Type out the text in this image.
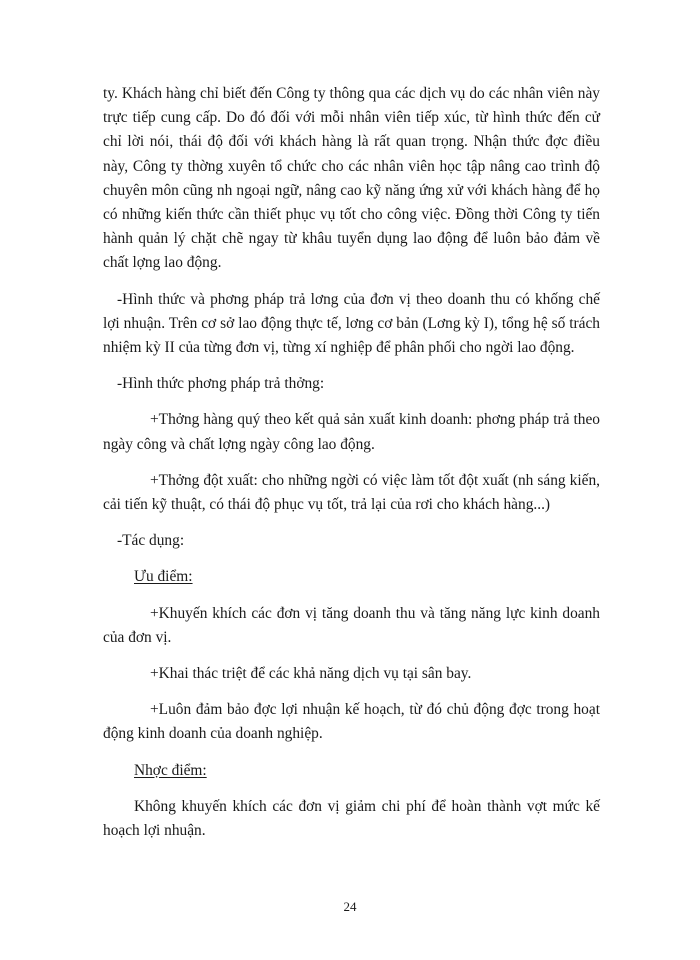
ty. Khách hàng chỉ biết đến Công ty thông qua các dịch vụ do các nhân viên này trực tiếp cung cấp. Do đó đối với mỗi nhân viên tiếp xúc, từ hình thức đến cử chỉ lời nói, thái độ đối với khách hàng là rất quan trọng. Nhận thức đợc điều này, Công ty thờng xuyên tổ chức cho các nhân viên học tập nâng cao trình độ chuyên môn cũng nh ngoại ngữ, nâng cao kỹ năng ứng xử với khách hàng để họ có những kiến thức cần thiết phục vụ tốt cho công việc. Đồng thời Công ty tiến hành quản lý chặt chẽ ngay từ khâu tuyển dụng lao động để luôn bảo đảm về chất lợng lao động.

-Hình thức và phơng pháp trả lơng của đơn vị theo doanh thu có khống chế lợi nhuận. Trên cơ sở lao động thực tế, lơng cơ bản (Lơng kỳ I), tổng hệ số trách nhiệm kỳ II của từng đơn vị, từng xí nghiệp để phân phối cho ngời lao động.

-Hình thức phơng pháp trả thởng:

+Thởng hàng quý theo kết quả sản xuất kinh doanh: phơng pháp trả theo ngày công và chất lợng ngày công lao động.

+Thởng đột xuất: cho những ngời có việc làm tốt đột xuất (nh sáng kiến, cải tiến kỹ thuật, có thái độ phục vụ tốt, trả lại của rơi cho khách hàng...)

-Tác dụng:

Ưu điểm:

+Khuyến khích các đơn vị tăng doanh thu và tăng năng lực kinh doanh của đơn vị.

+Khai thác triệt để các khả năng dịch vụ tại sân bay.

+Luôn đảm bảo đợc lợi nhuận kế hoạch, từ đó chủ động đợc trong hoạt động kinh doanh của doanh nghiệp.

Nhợc điểm:

Không khuyến khích các đơn vị giảm chi phí để hoàn thành vợt mức kế hoạch lợi nhuận.

24
